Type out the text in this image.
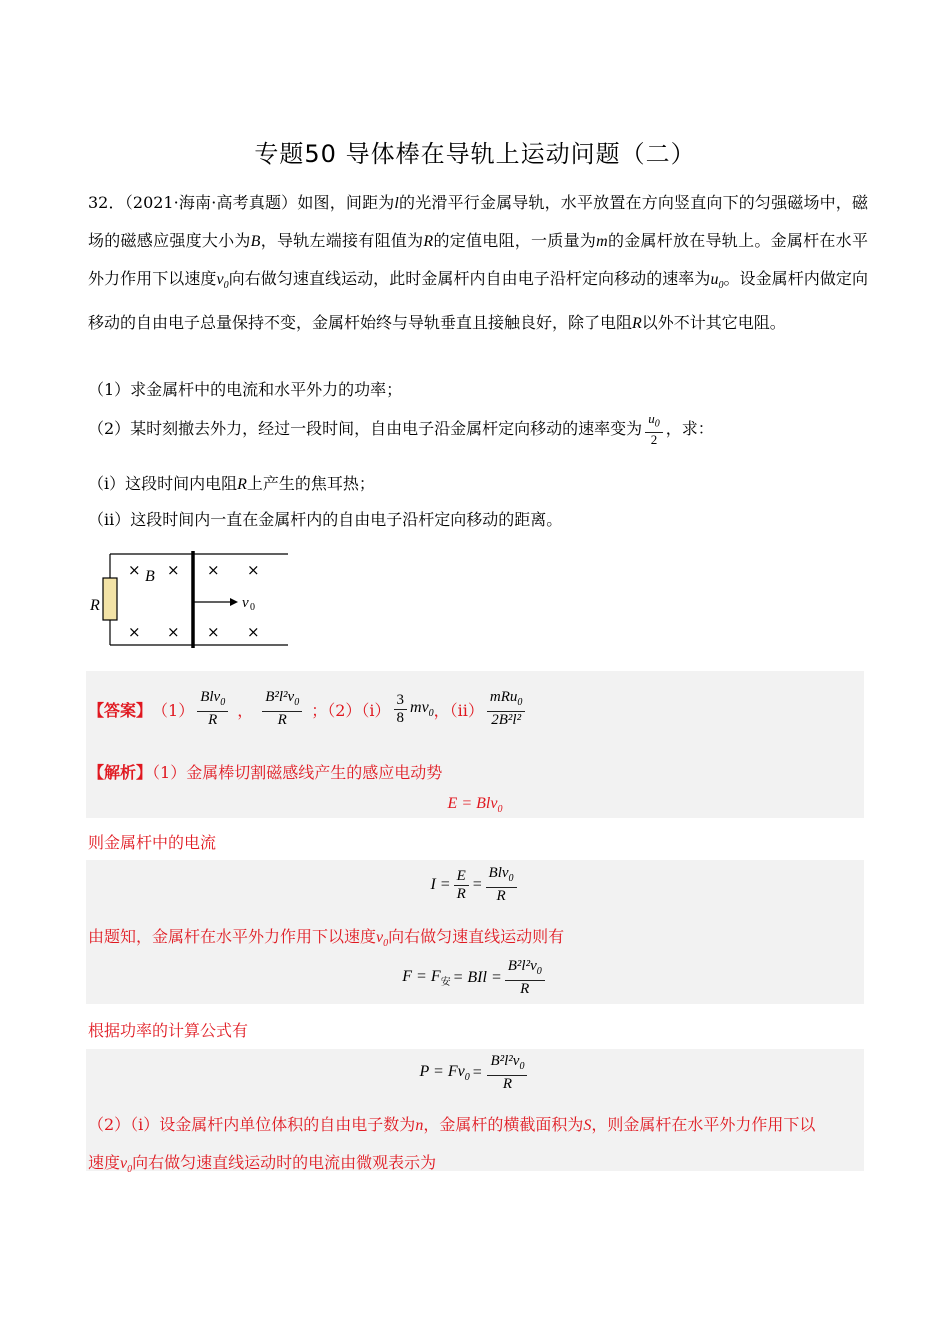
专题50 导体棒在导轨上运动问题（二）
32．（2021·海南·高考真题）如图，间距为l的光滑平行金属导轨，水平放置在方向竖直向下的匀强磁场中，磁场的磁感应强度大小为B，导轨左端接有阻值为R的定值电阻，一质量为m的金属杆放在导轨上。金属杆在水平外力作用下以速度$v_0$向右做匀速直线运动，此时金属杆内自由电子沿杆定向移动的速率为$u_0$。设金属杆内做定向移动的自由电子总量保持不变，金属杆始终与导轨垂直且接触良好，除了电阻R以外不计其它电阻。
（1）求金属杆中的电流和水平外力的功率；
（2）某时刻撤去外力，经过一段时间，自由电子沿金属杆定向移动的速率变为 $\frac{u_0}{2}$ ，求：
（i）这段时间内电阻R上产生的焦耳热；
（ii）这段时间内一直在金属杆内的自由电子沿杆定向移动的距离。
R
B
v 0
× × × ×
× × × ×
【答案】 $(1) \frac{Blv_0}{R}$ ， $\frac{B^2l^2v_0}{R}$ ；$(2)(i) \frac{3}{8} mv_0$ ，$(ii) \frac{mRu_0}{\text{2B²l²}}$
【解析】（1）金属棒切割磁感线产生的感应电动势
E = Blv$_0$
则金属杆中的电流
$I = \frac{E}{R} = \frac{Blv_0}{R}$
由题知，金属杆在水平外力作用下以速度$v_0$向右做匀速直线运动则有
$F = F_安$ = BIl = $\frac{B^2l^2v_0}{R}$
根据功率的计算公式有
$P = Fv_0 = \frac{B^2l^2v_0}{R}$
（2）（i）设金属杆内单位体积的自由电子数为n，金属杆的横截面积为S，则金属杆在水平外力作用下以
速度$v_0$向右做匀速直线运动时的电流由微观表示为
